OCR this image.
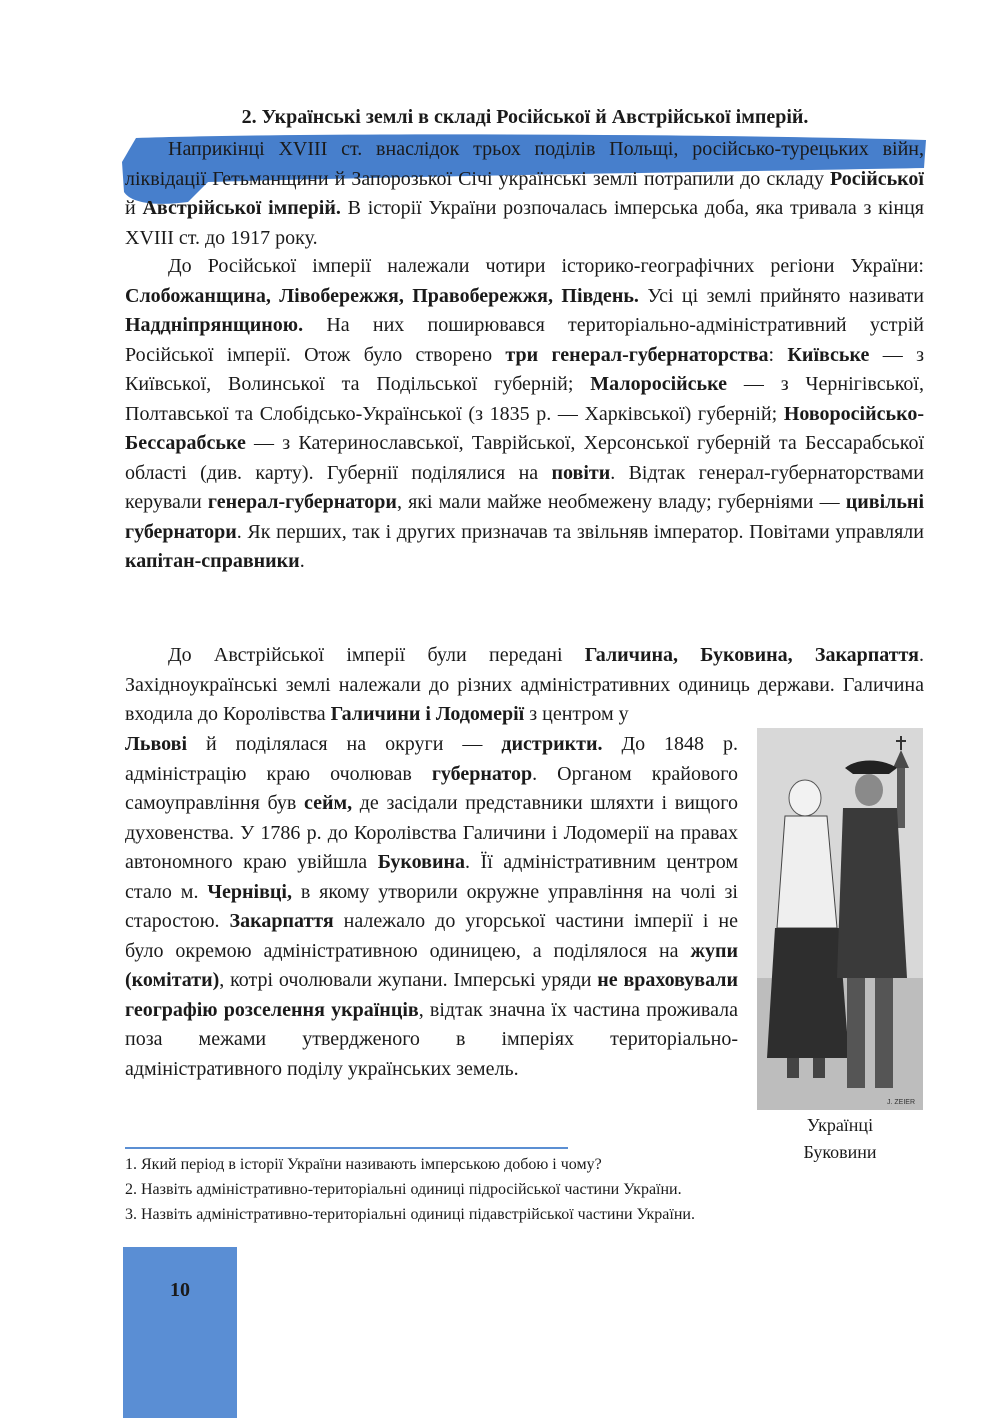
2. Українські землі в складі Російської й Австрійської імперій.

Наприкінці XVIII ст. внаслідок трьох поділів Польщі, російсько-турецьких війн, ліквідації Гетьманщини й Запорозької Січі українські землі потрапили до складу Російської й Австрійської імперій. В історії України розпочалась імперська доба, яка тривала з кінця XVIII ст. до 1917 року.

До Російської імперії належали чотири історико-географічних регіони України: Слобожанщина, Лівобережжя, Правобережжя, Південь. Усі ці землі прийнято називати Наддніпрянщиною. На них поширювався територіально-адміністративний устрій Російської імперії. Отож було створено три генерал-губернаторства: Київське — з Київської, Волинської та Подільської губерній; Малоросійське — з Чернігівської, Полтавської та Слобідсько-Української (з 1835 р. — Харківської) губерній; Новоросійсько-Бессарабське — з Катеринославської, Таврійської, Херсонської губерній та Бессарабської області (див. карту). Губернії поділялися на повіти. Відтак генерал-губернаторствами керували генерал-губернатори, які мали майже необмежену владу; губерніями — цивільні губернатори. Як перших, так і других призначав та звільняв імператор. Повітами управляли капітан-справники.

До Австрійської імперії були передані Галичина, Буковина, Закарпаття. Західноукраїнські землі належали до різних адміністративних одиниць держави. Галичина входила до Королівства Галичини і Лодомерії з центром у

Львові й поділялася на округи — дистрикти. До 1848 р. адміністрацію краю очолював губернатор. Органом крайового самоуправління був сейм, де засідали представники шляхти і вищого духовенства. У 1786 р. до Королівства Галичини і Лодомерії на правах автономного краю увійшла Буковина. Її адміністративним центром стало м. Чернівці, в якому утворили окружне управління на чолі зі старостою. Закарпаття належало до угорської частини імперії і не було окремою адміністративною одиницею, а поділялося на жупи (комітати), котрі очолювали жупани. Імперські уряди не враховували географію розселення українців, відтак значна їх частина проживала поза межами утвердженого в імперіях територіально-адміністративного поділу українських земель.

J. ZEIER
Українці
Буковини
1. Який період в історії України називають імперською добою і чому?
2. Назвіть адміністративно-територіальні одиниці підросійської частини України.
3. Назвіть адміністративно-територіальні одиниці підавстрійської частини України.
10
